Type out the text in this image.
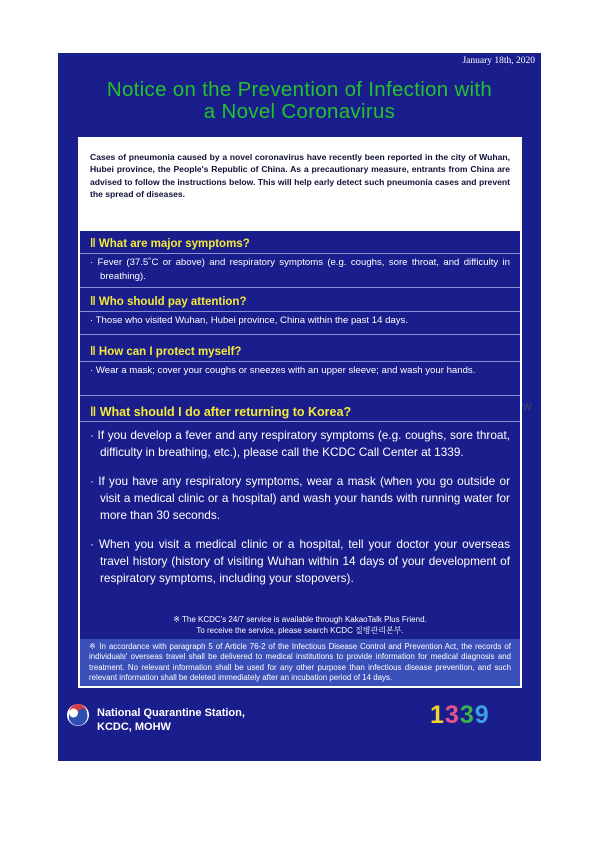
January 18th, 2020
Notice on the Prevention of Infection with
a Novel Coronavirus

Cases of pneumonia caused by a novel coronavirus have recently been reported in the city of Wuhan, Hubei province, the People's Republic of China. As a precautionary measure, entrants from China are advised to follow the instructions below. This will help early detect such pneumonia cases and prevent the spread of diseases.

‖ What are major symptoms?
· Fever (37.5˚C or above) and respiratory symptoms (e.g. coughs, sore throat, and difficulty in breathing).
‖ Who should pay attention?
· Those who visited Wuhan, Hubei province, China within the past 14 days.
‖ How can I protect myself?
· Wear a mask; cover your coughs or sneezes with an upper sleeve; and wash your hands.
‖ What should I do after returning to Korea?
· If you develop a fever and any respiratory symptoms (e.g. coughs, sore throat, difficulty in breathing, etc.), please call the KCDC Call Center at 1339.
· If you have any respiratory symptoms, wear a mask (when you go outside or visit a medical clinic or a hospital) and wash your hands with running water for more than 30 seconds.
· When you visit a medical clinic or a hospital, tell your doctor your overseas travel history (history of visiting Wuhan within 14 days of your development of respiratory symptoms, including your stopovers).
※ The KCDC's 24/7 service is available through KakaoTalk Plus Friend.
To receive the service, please search KCDC 질병관리본부.

※ In accordance with paragraph 5 of Article 76-2 of the Infectious Disease Control and Prevention Act, the records of individuals' overseas travel shall be delivered to medical institutions to provide information for medical diagnosis and treatment. No relevant information shall be used for any other purpose than infectious disease prevention, and such relevant information shall be deleted immediately after an incubation period of 14 days.

National Quarantine Station,
KCDC, MOHW	1339
W
